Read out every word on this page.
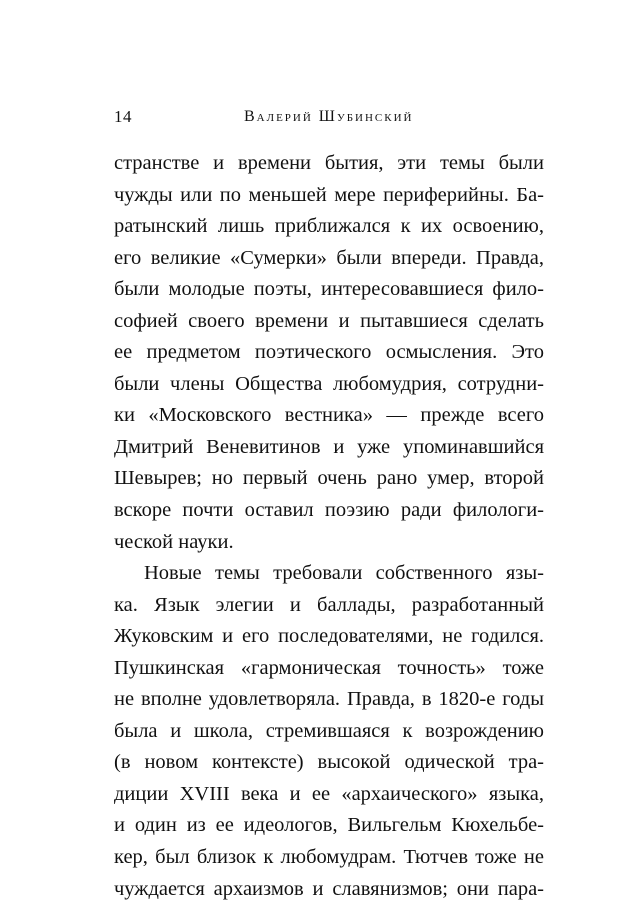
14	Валерий Шубинский
странстве и времени бытия, эти темы были
чужды или по меньшей мере периферийны. Ба-
ратынский лишь приближался к их освоению,
его великие «Сумерки» были впереди. Правда,
были молодые поэты, интересовавшиеся фило-
софией своего времени и пытавшиеся сделать
ее предметом поэтического осмысления. Это
были члены Общества любомудрия, сотрудни-
ки «Московского вестника» — прежде всего
Дмитрий Веневитинов и уже упоминавшийся
Шевырев; но первый очень рано умер, второй
вскоре почти оставил поэзию ради филологи-
ческой науки.
Новые темы требовали собственного язы-
ка. Язык элегии и баллады, разработанный
Жуковским и его последователями, не годился.
Пушкинская «гармоническая точность» тоже
не вполне удовлетворяла. Правда, в 1820-е годы
была и школа, стремившаяся к возрождению
(в новом контексте) высокой одической тра-
диции XVIII века и ее «архаического» языка,
и один из ее идеологов, Вильгельм Кюхельбе-
кер, был близок к любомудрам. Тютчев тоже не
чуждается архаизмов и славянизмов; они пара-
